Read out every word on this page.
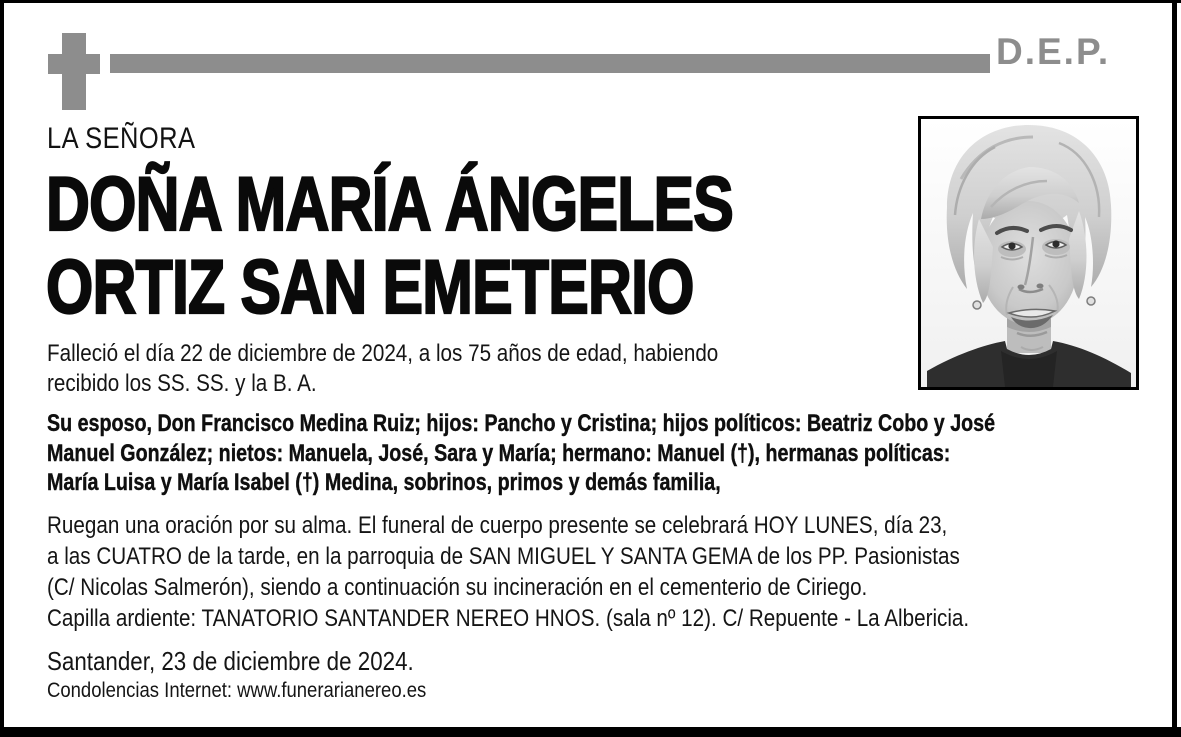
D.E.P.
LA SEÑORA
DOÑA MARÍA ÁNGELES
ORTIZ SAN EMETERIO
Falleció el día 22 de diciembre de 2024, a los 75 años de edad, habiendo
recibido los SS. SS. y la B. A.
Su esposo, Don Francisco Medina Ruiz; hijos: Pancho y Cristina; hijos políticos: Beatriz Cobo y José
Manuel González; nietos: Manuela, José, Sara y María; hermano: Manuel (†), hermanas políticas:
María Luisa y María Isabel (†) Medina, sobrinos, primos y demás familia,
Ruegan una oración por su alma. El funeral de cuerpo presente se celebrará HOY LUNES, día 23,
a las CUATRO de la tarde, en la parroquia de SAN MIGUEL Y SANTA GEMA de los PP. Pasionistas
(C/ Nicolas Salmerón), siendo a continuación su incineración en el cementerio de Ciriego.
Capilla ardiente: TANATORIO SANTANDER NEREO HNOS. (sala nº 12). C/ Repuente - La Albericia.
Santander, 23 de diciembre de 2024.
Condolencias Internet: www.funerarianereo.es
